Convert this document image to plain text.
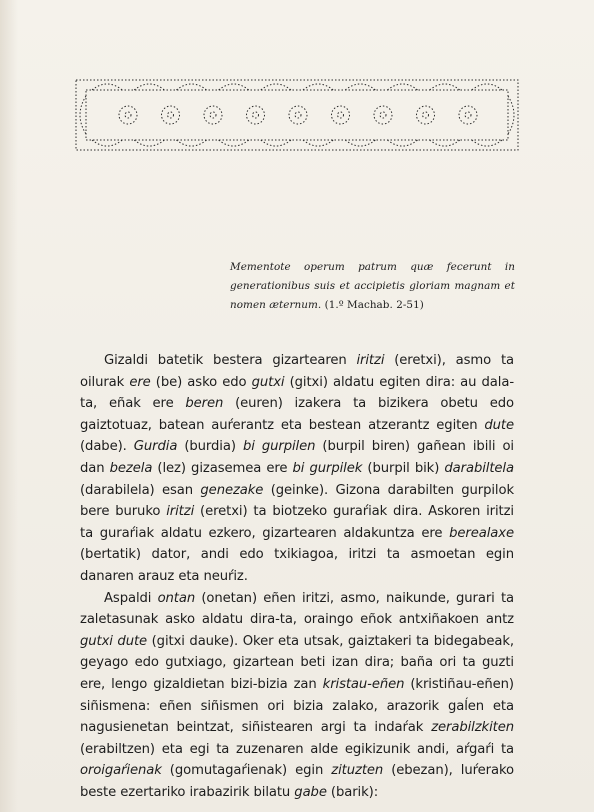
Mementote operum patrum quæ fecerunt in generationibus suis et accipietis gloriam magnam et nomen æternum. (1.º Machab. 2-51)

Gizaldi batetik bestera gizartearen iritzi (eretxi), asmo ta oilurak ere (be) asko edo gutxi (gitxi) aldatu egiten dira: au dala-ta, eñak ere beren (euren) izakera ta bizikera obetu edo gaiztotuaz, batean auŕerantz eta bestean atzerantz egiten dute (dabe). Gurdia (burdia) bi gurpilen (burpil biren) gañean ibili oi dan bezela (lez) gizasemea ere bi gurpilek (burpil bik) darabiltela (darabilela) esan genezake (geinke). Gizona darabilten gurpilok bere buruko iritzi (eretxi) ta biotzeko guraŕiak dira. Askoren iritzi ta guraŕiak aldatu ezkero, gizartearen aldakuntza ere berealaxe (bertatik) dator, andi edo txikiagoa, iritzi ta asmoetan egin danaren arauz eta neuŕiz.

Aspaldi ontan (onetan) eñen iritzi, asmo, naikunde, gurari ta zaletasunak asko aldatu dira-ta, oraingo eñok antxiñakoen antz gutxi dute (gitxi dauke). Oker eta utsak, gaiztakeri ta bidegabeak, geyago edo gutxiago, gizartean beti izan dira; baña ori ta guzti ere, lengo gizaldietan bizi-bizia zan kristau-eñen (kristiñau-eñen) siñismena: eñen siñismen ori bizia zalako, arazorik gaĺen eta nagusienetan beintzat, siñistearen argi ta indaŕak zerabilzkiten (erabiltzen) eta egi ta zuzenaren alde egikizunik andi, aŕgaŕi ta oroigaŕienak (gomutagaŕienak) egin zituzten (ebezan), luŕerako beste ezertariko irabazirik bilatu gabe (barik):
